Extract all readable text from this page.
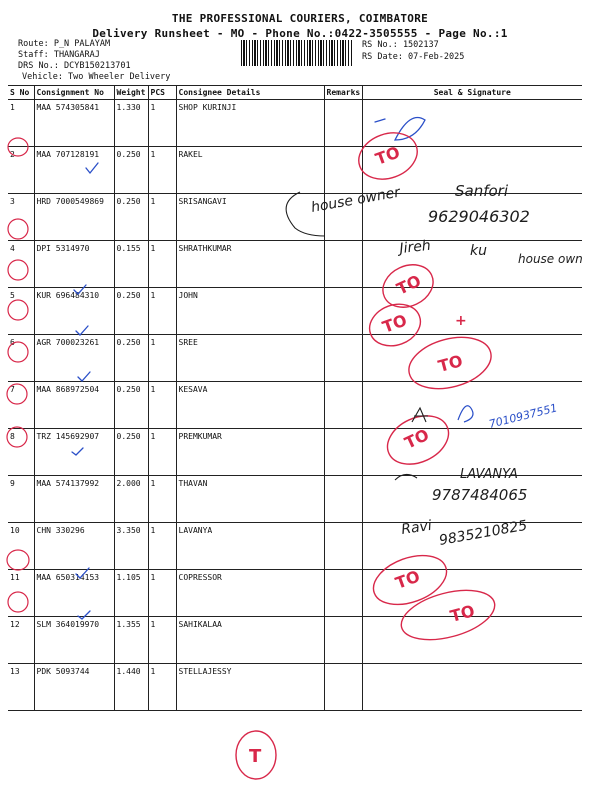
THE PROFESSIONAL COURIERS, COIMBATORE
Delivery Runsheet - MO - Phone No.:0422-3505555 - Page No.:1
Route: P_N PALAYAM
Staff: THANGARAJ
DRS No.: DCYB150213701
Vehicle: Two Wheeler Delivery
RS No.: 1502137
RS Date: 07-Feb-2025
S No	Consignment No	Weight	PCS	Consignee Details	Remarks	Seal & Signature
1	MAA 574305841	1.330	1	SHOP KURINJI		
2	MAA 707128191	0.250	1	RAKEL		
3	HRD 7000549869	0.250	1	SRISANGAVI		
4	DPI 5314970	0.155	1	SHRATHKUMAR		
5	KUR 696484310	0.250	1	JOHN		
6	AGR 700023261	0.250	1	SREE		
7	MAA 868972504	0.250	1	KESAVA		
8	TRZ 145692907	0.250	1	PREMKUMAR		
9	MAA 574137992	2.000	1	THAVAN		
10	CHN 330296	3.350	1	LAVANYA		
11	MAA 650314153	1.105	1	COPRESSOR		
12	SLM 364019970	1.355	1	SAHIKALAA		
13	PDK 5093744	1.440	1	STELLAJESSY		
TO
TO
TO
TO
TO
TO
TO
T
+
house owner	Sanfori
9629046302
Jireh	ku	house own
LAVANYA
9787484065
Ravi 9835210825
7010937551
